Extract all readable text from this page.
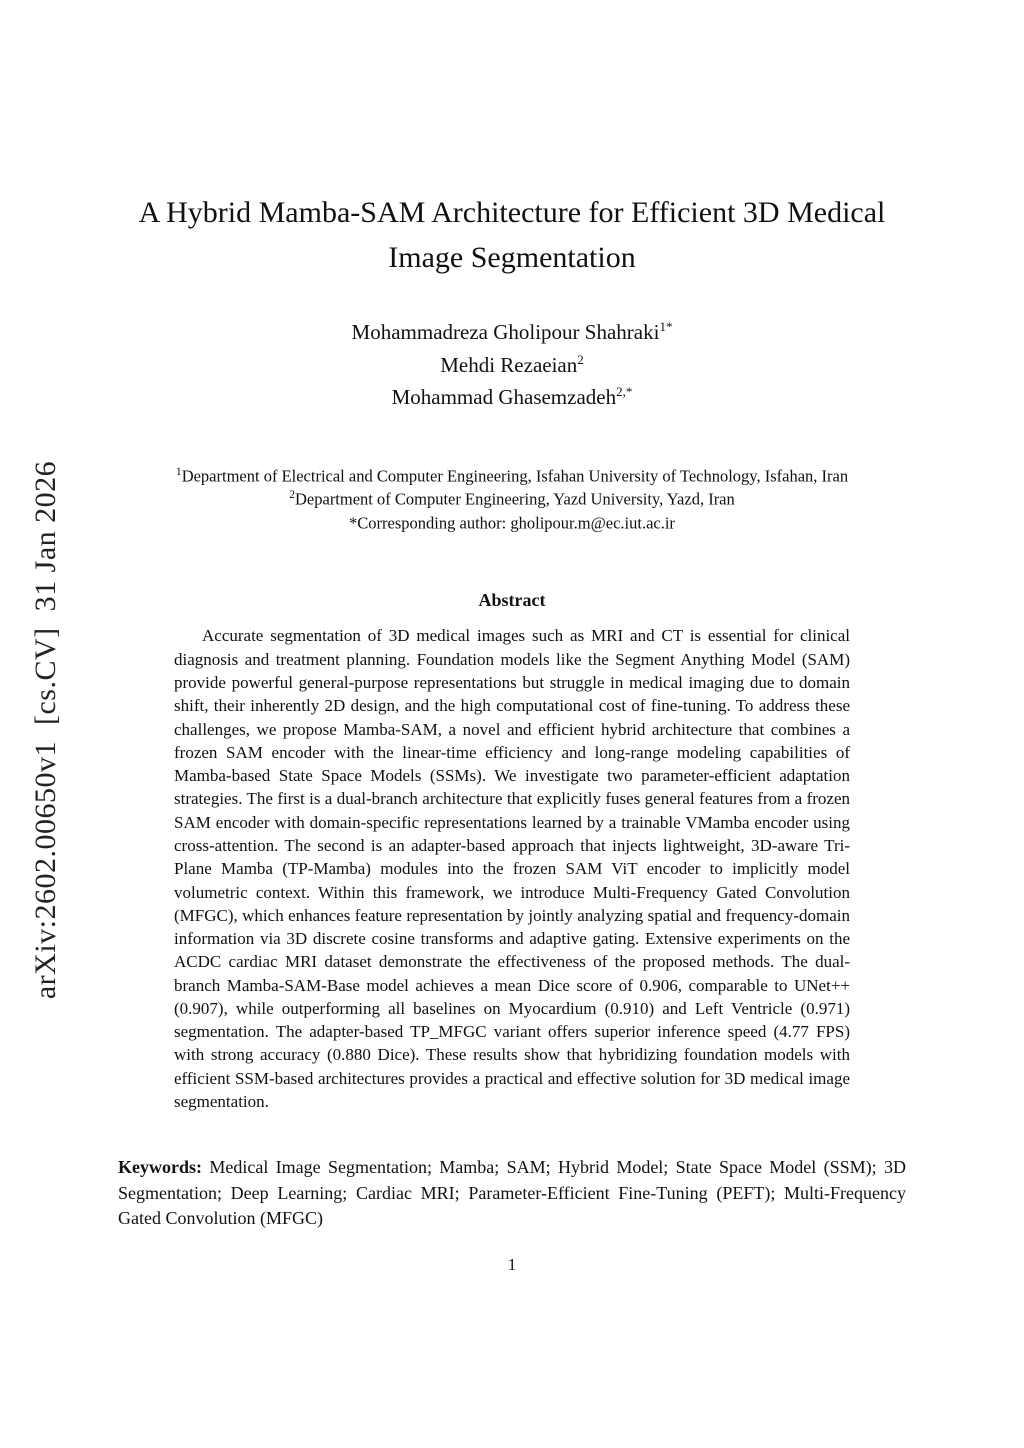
arXiv:2602.00650v1  [cs.CV]  31 Jan 2026
A Hybrid Mamba-SAM Architecture for Efficient 3D Medical Image Segmentation
Mohammadreza Gholipour Shahraki$^{1*}$
Mehdi Rezaeian$^2$
Mohammad Ghasemzadeh$^{2,*}$
$^1$Department of Electrical and Computer Engineering, Isfahan University of Technology, Isfahan, Iran
$^2$Department of Computer Engineering, Yazd University, Yazd, Iran
*Corresponding author: gholipour.m@ec.iut.ac.ir
Abstract
Accurate segmentation of 3D medical images such as MRI and CT is essential for clinical diagnosis and treatment planning. Foundation models like the Segment Anything Model (SAM) provide powerful general-purpose representations but struggle in medical imaging due to domain shift, their inherently 2D design, and the high computational cost of fine-tuning. To address these challenges, we propose Mamba-SAM, a novel and efficient hybrid architecture that combines a frozen SAM encoder with the linear-time efficiency and long-range modeling capabilities of Mamba-based State Space Models (SSMs). We investigate two parameter-efficient adaptation strategies. The first is a dual-branch architecture that explicitly fuses general features from a frozen SAM encoder with domain-specific representations learned by a trainable VMamba encoder using cross-attention. The second is an adapter-based approach that injects lightweight, 3D-aware Tri-Plane Mamba (TP-Mamba) modules into the frozen SAM ViT encoder to implicitly model volumetric context. Within this framework, we introduce Multi-Frequency Gated Convolution (MFGC), which enhances feature representation by jointly analyzing spatial and frequency-domain information via 3D discrete cosine transforms and adaptive gating. Extensive experiments on the ACDC cardiac MRI dataset demonstrate the effectiveness of the proposed methods. The dual-branch Mamba-SAM-Base model achieves a mean Dice score of 0.906, comparable to UNet++ (0.907), while outperforming all baselines on Myocardium (0.910) and Left Ventricle (0.971) segmentation. The adapter-based TP_MFGC variant offers superior inference speed (4.77 FPS) with strong accuracy (0.880 Dice). These results show that hybridizing foundation models with efficient SSM-based architectures provides a practical and effective solution for 3D medical image segmentation.
Keywords: Medical Image Segmentation; Mamba; SAM; Hybrid Model; State Space Model (SSM); 3D Segmentation; Deep Learning; Cardiac MRI; Parameter-Efficient Fine-Tuning (PEFT); Multi-Frequency Gated Convolution (MFGC)
1
